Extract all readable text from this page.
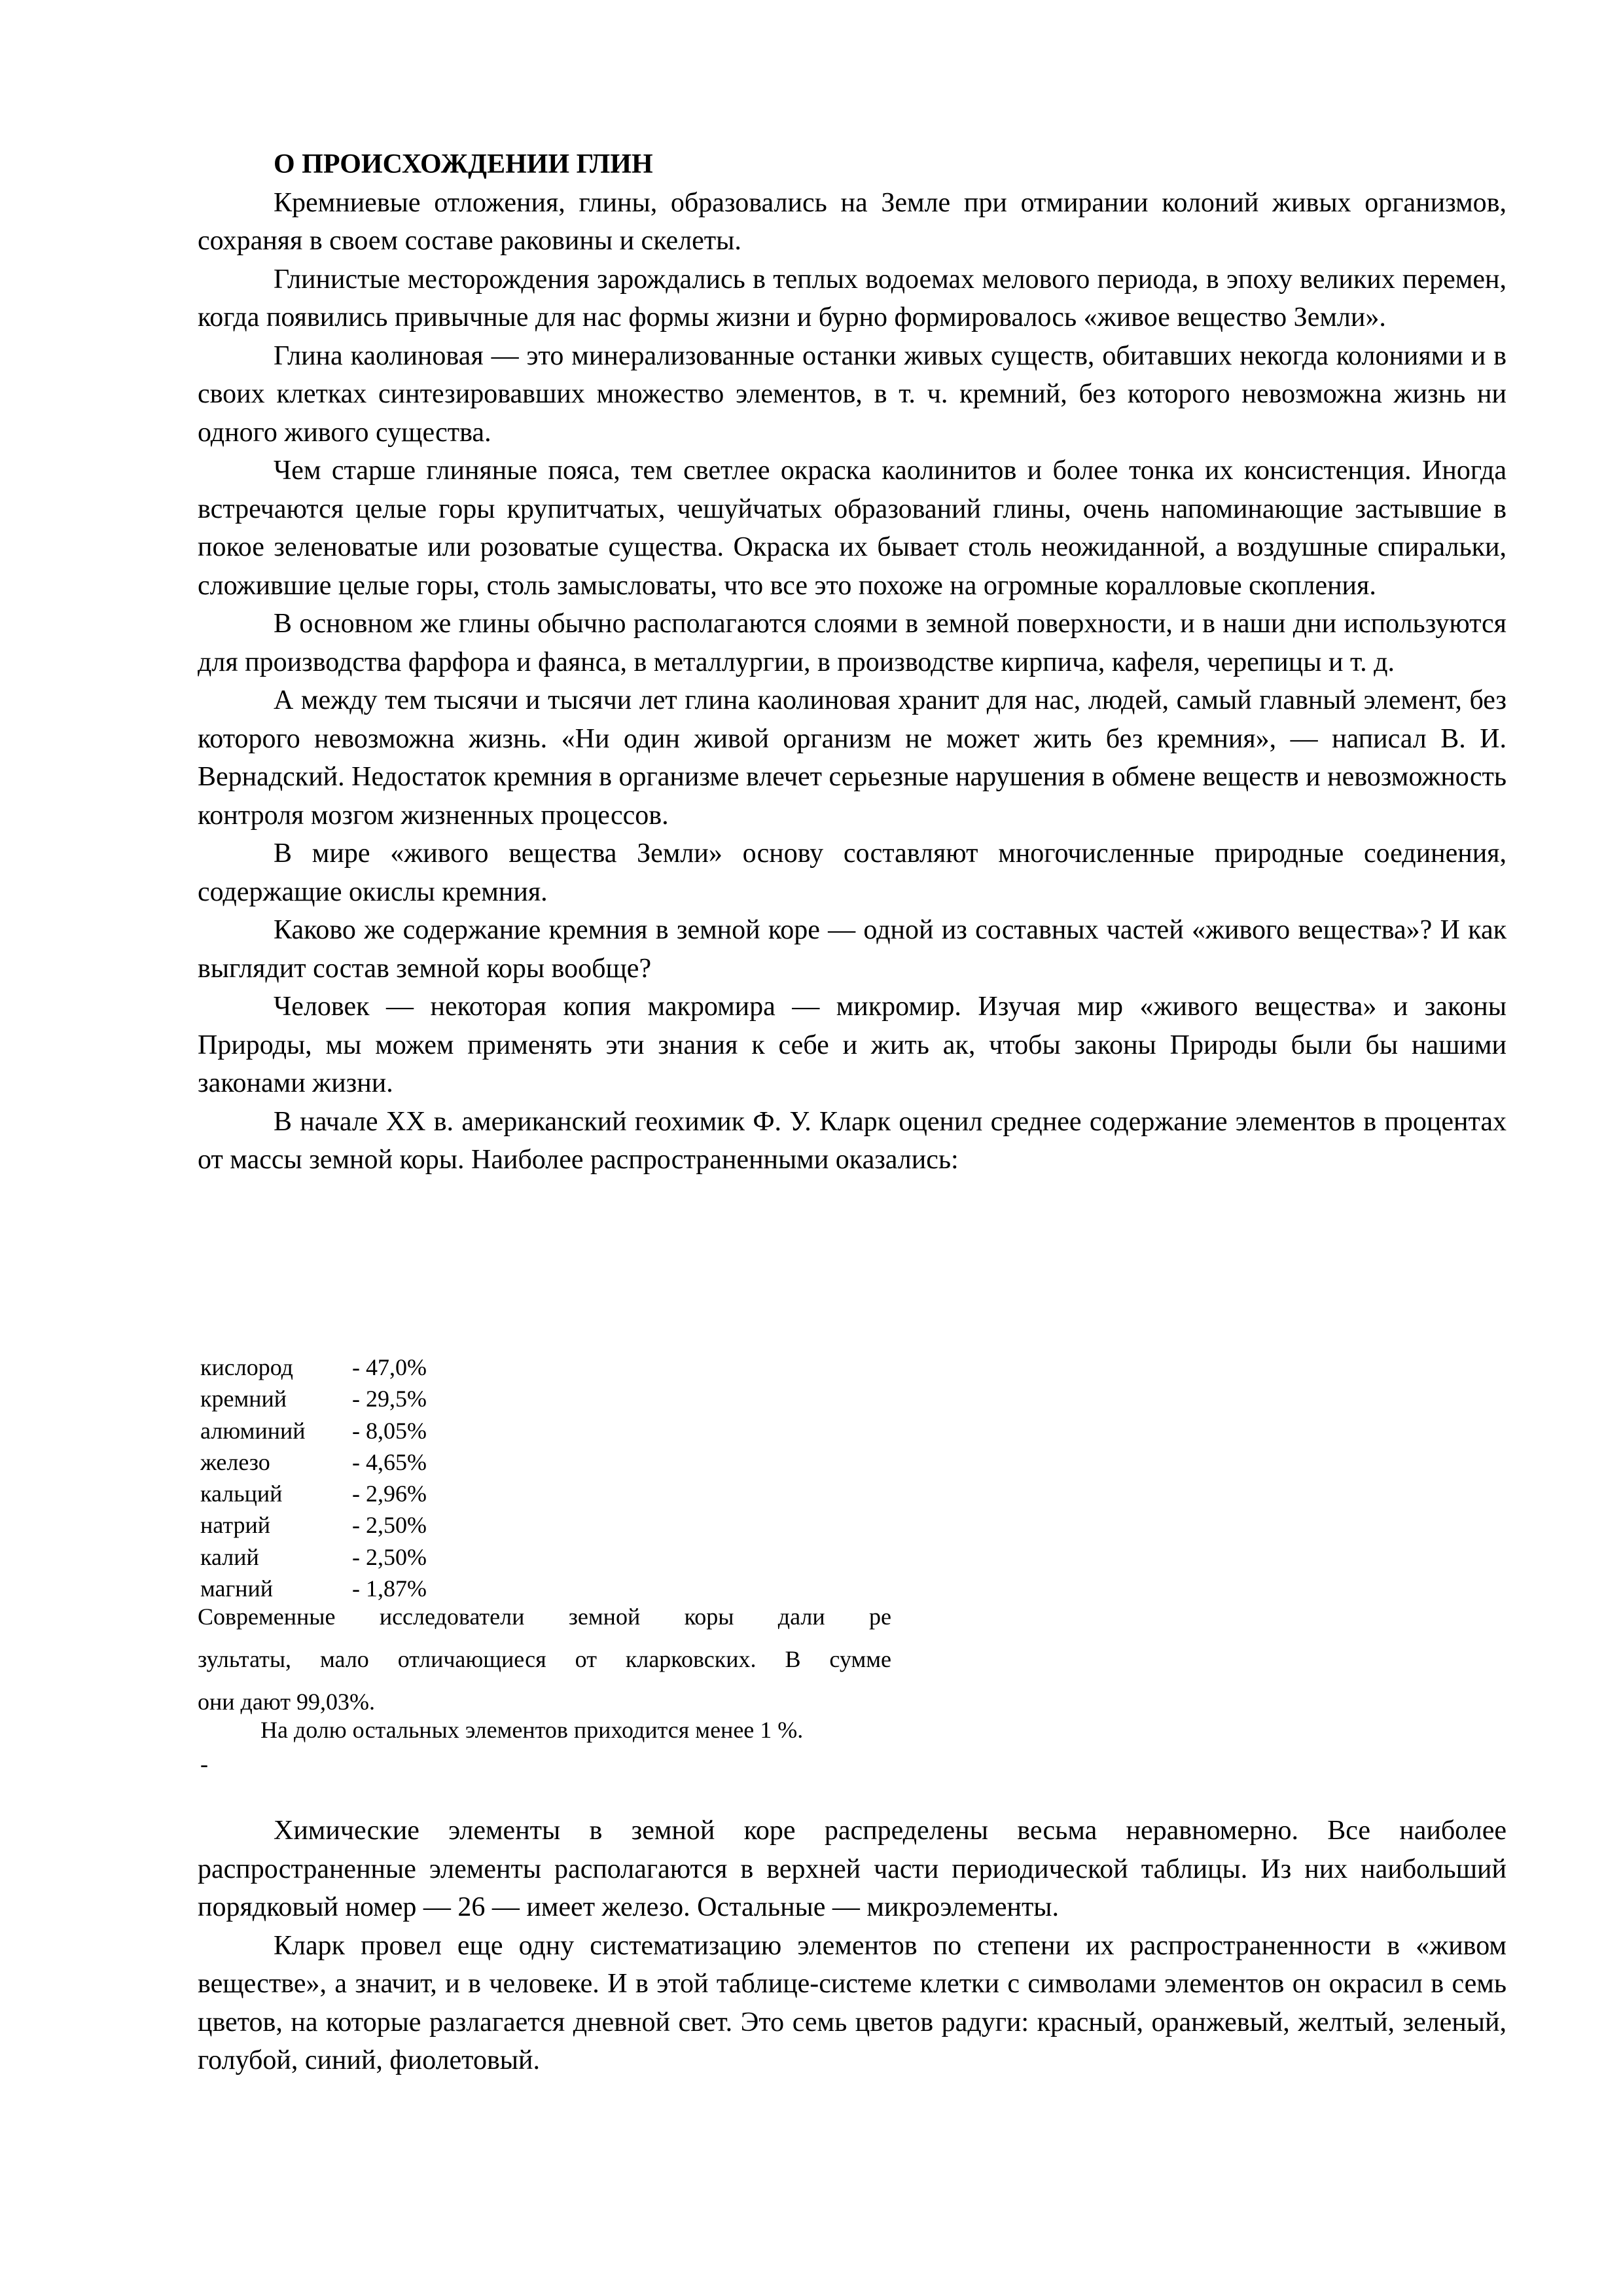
О ПРОИСХОЖДЕНИИ ГЛИН

Кремниевые отложения, глины, образовались на Земле при отмирании колоний живых организмов, сохраняя в своем составе раковины и скелеты.

Глинистые месторождения зарождались в теплых водоемах мелового периода, в эпоху великих перемен, когда появились привычные для нас формы жизни и бурно формировалось «живое вещество Земли».

Глина каолиновая — это минерализованные останки живых существ, обитавших некогда колониями и в своих клетках синтезировавших множество элементов, в т. ч. кремний, без которого невозможна жизнь ни одного живого существа.

Чем старше глиняные пояса, тем светлее окраска каолинитов и более тонка их консистенция. Иногда встречаются целые горы крупитчатых, чешуйчатых образований глины, очень напоминающие застывшие в покое зеленоватые или розоватые существа. Окраска их бывает столь неожиданной, а воздушные спиральки, сложившие целые горы, столь замысловаты, что все это похоже на огромные коралловые скопления.

В основном же глины обычно располагаются слоями в земной поверхности, и в наши дни используются для производства фарфора и фаянса, в металлургии, в производстве кирпича, кафеля, черепицы и т. д.

А между тем тысячи и тысячи лет глина каолиновая хранит для нас, людей, самый главный элемент, без которого невозможна жизнь. «Ни один живой организм не может жить без кремния», — написал В. И. Вернадский. Недостаток кремния в организме влечет серьезные нарушения в обмене веществ и невозможность контроля мозгом жизненных процессов.

В мире «живого вещества Земли» основу составляют многочисленные природные соединения, содержащие окислы кремния.

Каково же содержание кремния в земной коре — одной из составных частей «живого вещества»? И как выглядит состав земной коры вообще?

Человек — некоторая копия макромира — микромир. Изучая мир «живого вещества» и законы Природы, мы можем применять эти знания к себе и жить ак, чтобы законы Природы были бы нашими законами жизни.

В начале XX в. американский геохимик Ф. У. Кларк оценил среднее содержание элементов в процентах от массы земной коры. Наиболее распространенными оказались:

кислород	- 47,0%
кремний	- 29,5%
алюминий	- 8,05%
железо	- 4,65%
кальций	- 2,96%
натрий	- 2,50%
калий	- 2,50%
магний	- 1,87%

Современные исследователи земной коры дали ре

зультаты, мало отличающиеся от кларковских. В сумме

они дают 99,03%.

На долю остальных элементов приходится менее 1 %.
-

Химические элементы в земной коре распределены весьма неравномерно. Все наиболее распространенные элементы располагаются в верхней части периодической таблицы. Из них наибольший порядковый номер — 26 — имеет железо. Остальные — микроэлементы.

Кларк провел еще одну систематизацию элементов по степени их распространенности в «живом веществе», а значит, и в человеке. И в этой таблице-системе клетки с символами элементов он окрасил в семь цветов, на которые разлагается дневной свет. Это семь цветов радуги: красный, оранжевый, желтый, зеленый, голубой, синий, фиолетовый.
